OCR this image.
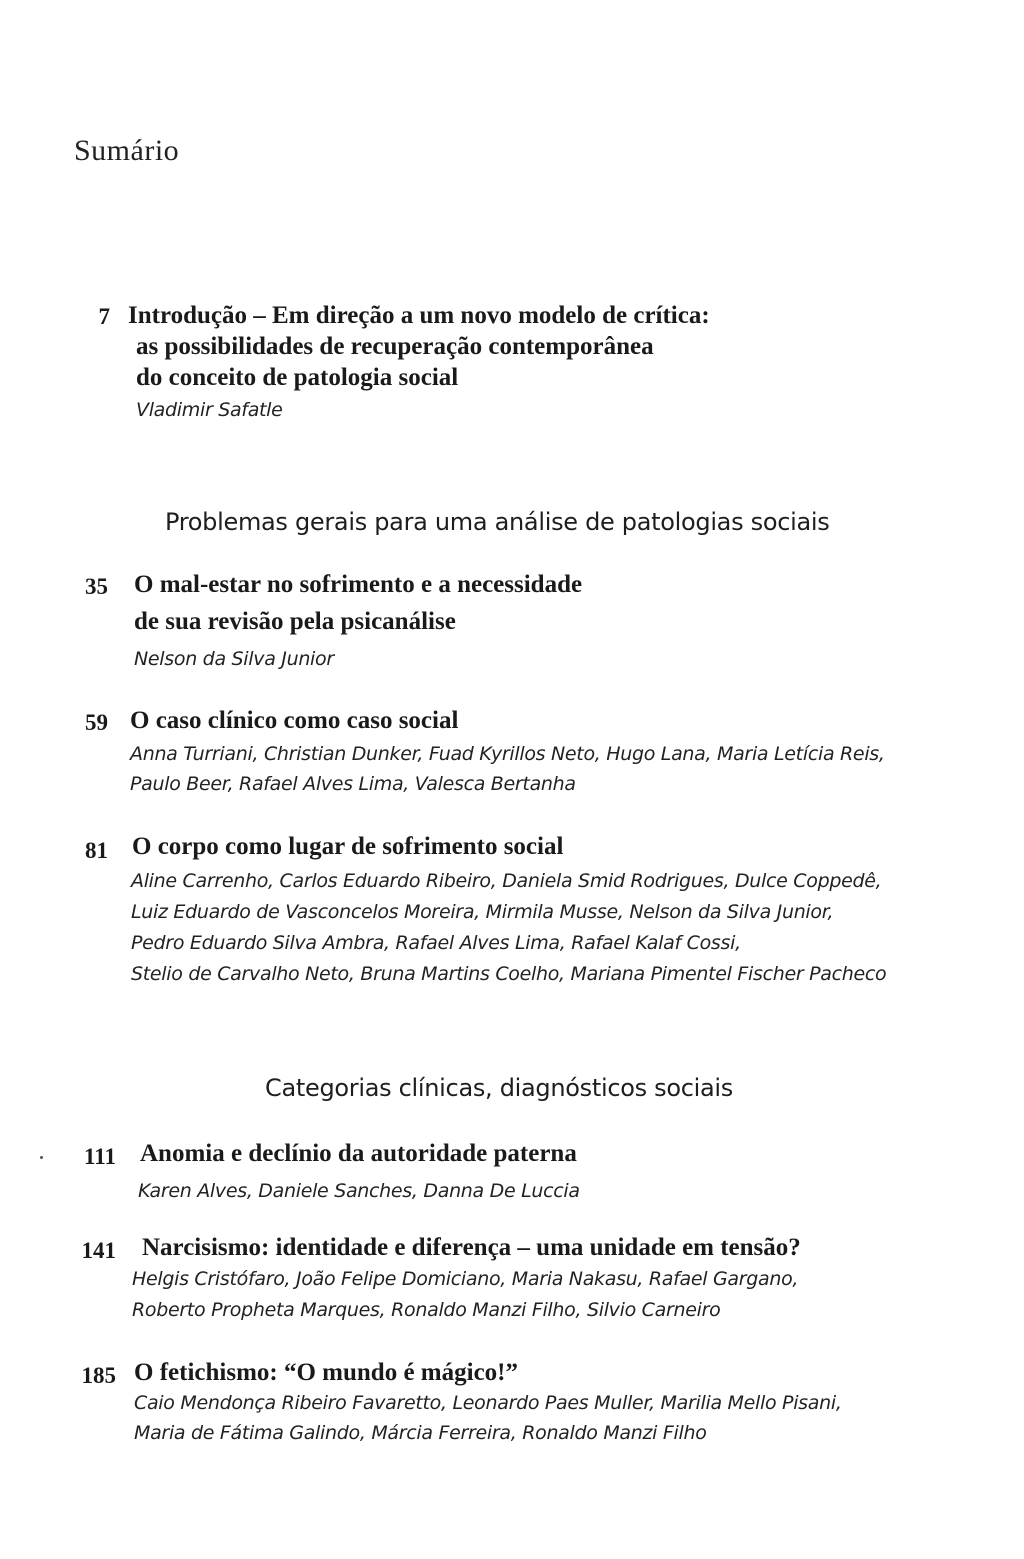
Sumário
7 Introdução – Em direção a um novo modelo de crítica:
as possibilidades de recuperação contemporânea
do conceito de patologia social
Vladimir Safatle
Problemas gerais para uma análise de patologias sociais
35 O mal-estar no sofrimento e a necessidade
de sua revisão pela psicanálise
Nelson da Silva Junior
59 O caso clínico como caso social
Anna Turriani, Christian Dunker, Fuad Kyrillos Neto, Hugo Lana, Maria Letícia Reis,
Paulo Beer, Rafael Alves Lima, Valesca Bertanha
81 O corpo como lugar de sofrimento social
Aline Carrenho, Carlos Eduardo Ribeiro, Daniela Smid Rodrigues, Dulce Coppedê,
Luiz Eduardo de Vasconcelos Moreira, Mirmila Musse, Nelson da Silva Junior,
Pedro Eduardo Silva Ambra, Rafael Alves Lima, Rafael Kalaf Cossi,
Stelio de Carvalho Neto, Bruna Martins Coelho, Mariana Pimentel Fischer Pacheco
Categorias clínicas, diagnósticos sociais
111 Anomia e declínio da autoridade paterna
Karen Alves, Daniele Sanches, Danna De Luccia
141 Narcisismo: identidade e diferença – uma unidade em tensão?
Helgis Cristófaro, João Felipe Domiciano, Maria Nakasu, Rafael Gargano,
Roberto Propheta Marques, Ronaldo Manzi Filho, Silvio Carneiro
185 O fetichismo: “O mundo é mágico!”
Caio Mendonça Ribeiro Favaretto, Leonardo Paes Muller, Marilia Mello Pisani,
Maria de Fátima Galindo, Márcia Ferreira, Ronaldo Manzi Filho
